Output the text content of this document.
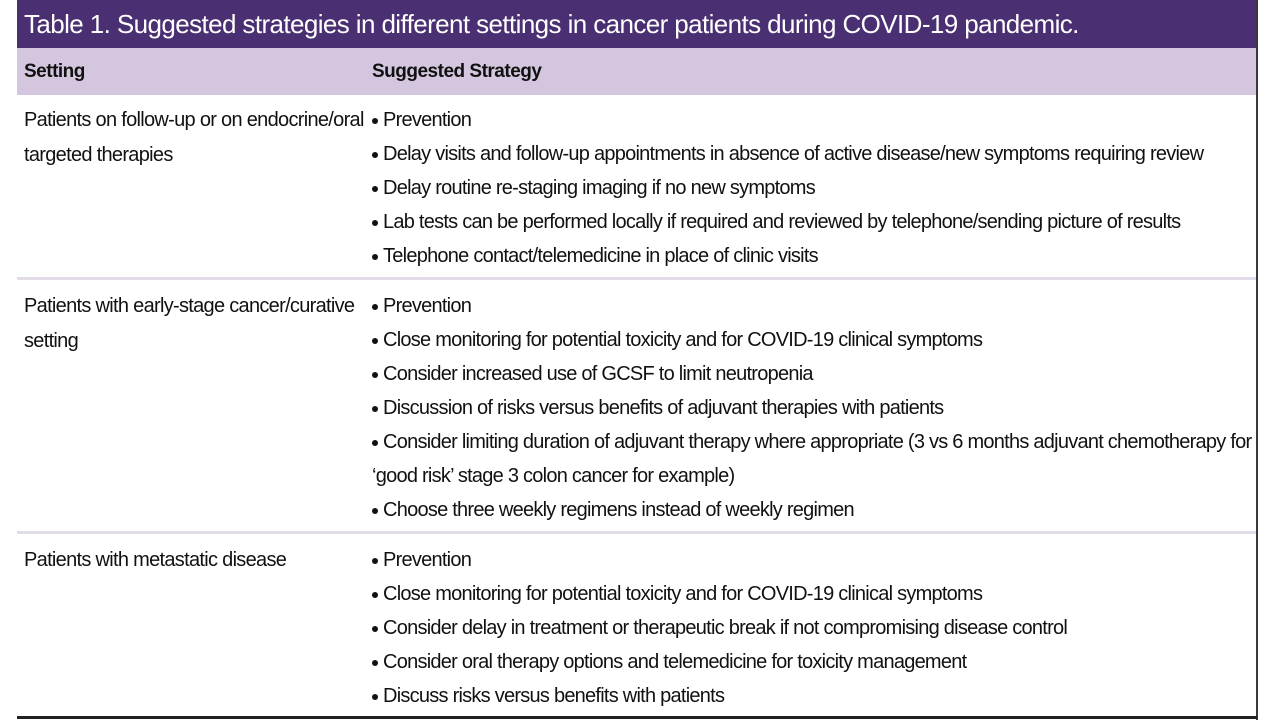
Table 1. Suggested strategies in different settings in cancer patients during COVID-19 pandemic.
Setting	Suggested Strategy
Patients on follow-up or on endocrine/oral targeted therapies
Prevention
Delay visits and follow-up appointments in absence of active disease/new symptoms requiring review
Delay routine re-staging imaging if no new symptoms
Lab tests can be performed locally if required and reviewed by telephone/sending picture of results
Telephone contact/telemedicine in place of clinic visits
Patients with early-stage cancer/curative setting
Prevention
Close monitoring for potential toxicity and for COVID-19 clinical symptoms
Consider increased use of GCSF to limit neutropenia
Discussion of risks versus benefits of adjuvant therapies with patients
Consider limiting duration of adjuvant therapy where appropriate (3 vs 6 months adjuvant chemotherapy for ‘good risk’ stage 3 colon cancer for example)
Choose three weekly regimens instead of weekly regimen
Patients with metastatic disease	Prevention
Close monitoring for potential toxicity and for COVID-19 clinical symptoms
Consider delay in treatment or therapeutic break if not compromising disease control
Consider oral therapy options and telemedicine for toxicity management
Discuss risks versus benefits with patients
